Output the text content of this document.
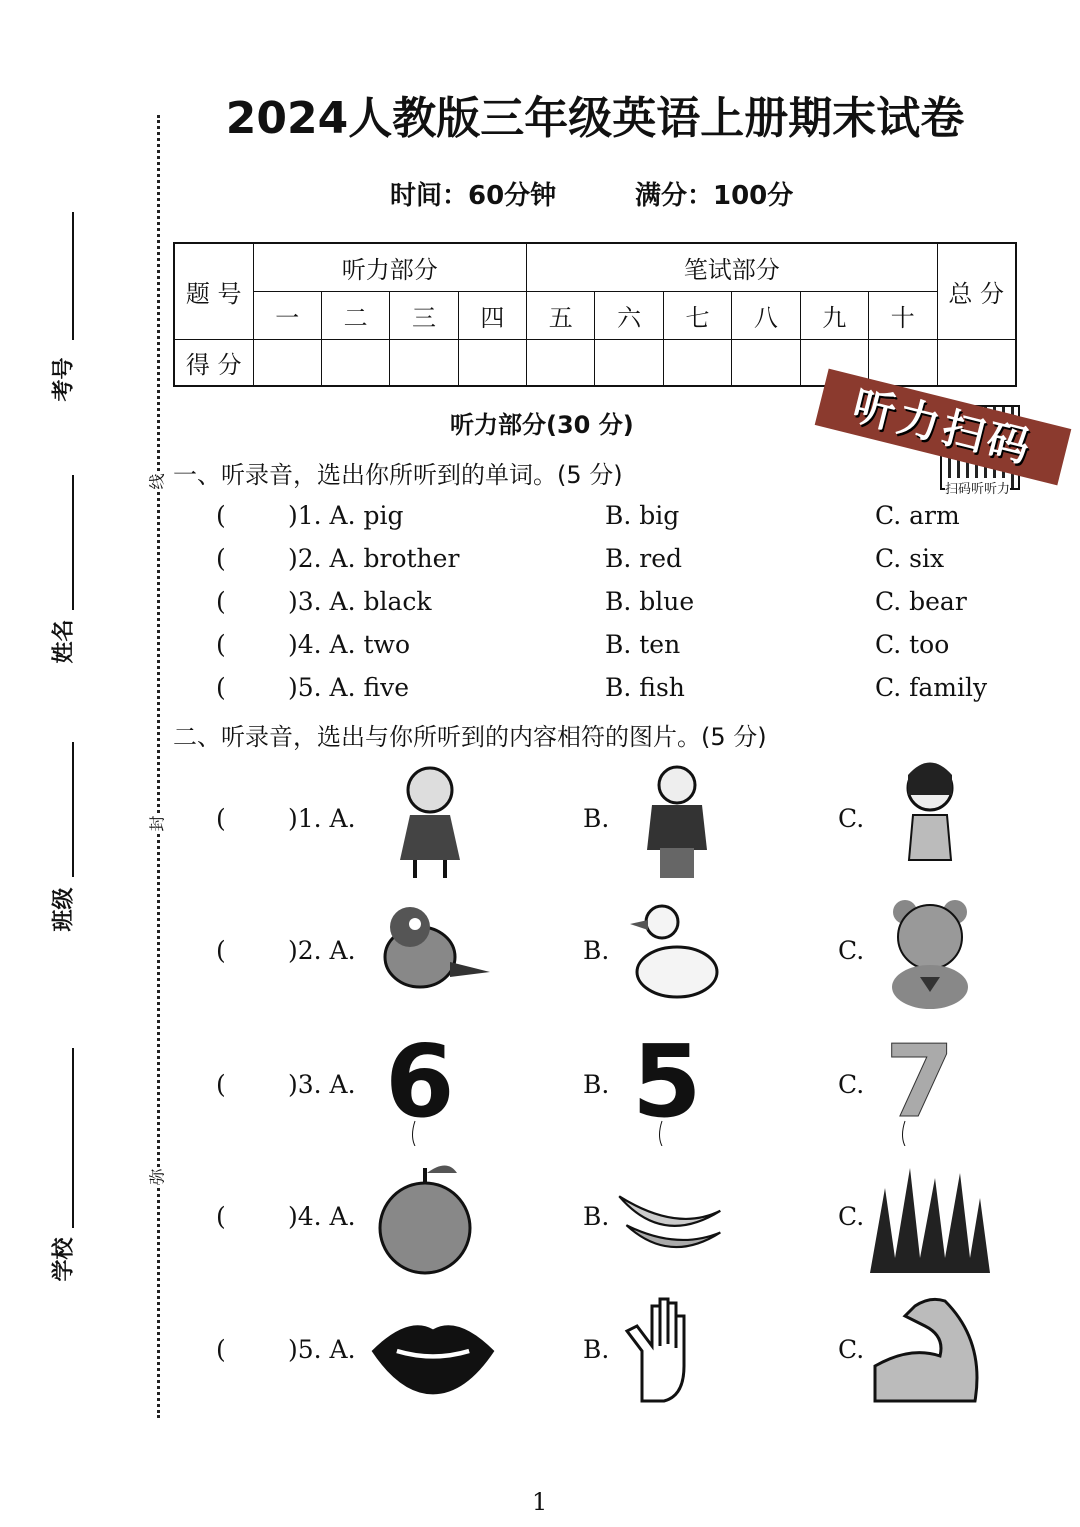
2024人教版三年级英语上册期末试卷
时间：60分钟	满分：100分
线
封
弥
考号
姓名
班级
学校
题 号	听力部分				笔试部分						总 分
	一	二	三	四	五	六	七	八	九	十	
得 分											
听力部分(30 分)
扫码听听力
听力扫码
一、听录音，选出你所听到的单词。(5 分)
( )1. A. pig	B. big	C. arm
( )2. A. brother	B. red	C. six
( )3. A. black	B. blue	C. bear
( )4. A. two	B. ten	C. too
( )5. A. five	B. fish	C. family
二、听录音，选出与你所听到的内容相符的图片。(5 分)
( )1. A.	B.	C.
( )2. A.	B.	C.
( )3. A.	B.	C.
6 5 7
( )4. A.	B.	C.
( )5. A.	B.	C.
1
